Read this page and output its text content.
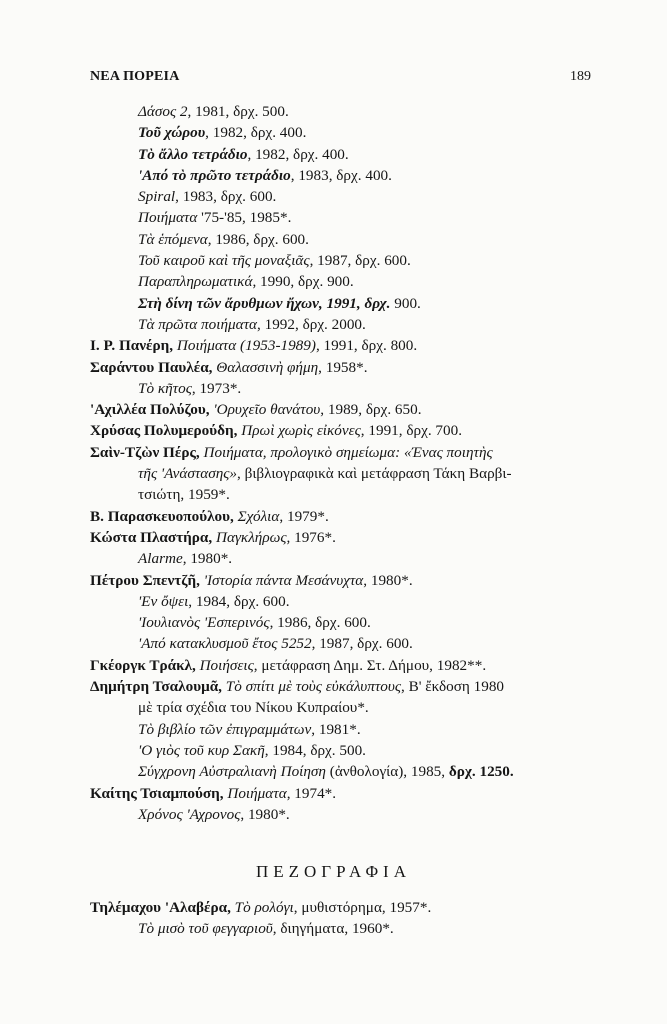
ΝΕΑ ΠΟΡΕΙΑ	189
Δάσος 2, 1981, δρχ. 500.
Τοῦ χώρου, 1982, δρχ. 400.
Τὸ ἄλλο τετράδιο, 1982, δρχ. 400.
'Από τὸ πρῶτο τετράδιο, 1983, δρχ. 400.
Spiral, 1983, δρχ. 600.
Ποιήματα '75-'85, 1985*.
Τὰ ἑπόμενα, 1986, δρχ. 600.
Τοῦ καιροῦ καὶ τῆς μοναξιᾶς, 1987, δρχ. 600.
Παραπληρωματικά, 1990, δρχ. 900.
Στὴ δίνη τῶν ἄρυθμων ἤχων, 1991, δρχ. 900.
Τὰ πρῶτα ποιήματα, 1992, δρχ. 2000.
I. P. Πανέρη, Ποιήματα (1953-1989), 1991, δρχ. 800.
Σαράντου Παυλέα, Θαλασσινὴ φήμη, 1958*.
Τὸ κῆτος, 1973*.
'Αχιλλέα Πολύζου, 'Ορυχεῖο θανάτου, 1989, δρχ. 650.
Χρύσας Πολυμερούδη, Πρωὶ χωρὶς εἰκόνες, 1991, δρχ. 700.
Σαὶν-Τζὼν Πέρς, Ποιήματα, προλογικὸ σημείωμα: «Ένας ποιητὴς
τῆς 'Ανάστασης», βιβλιογραφικὰ καὶ μετάφραση Τάκη Βαρβι-
τσιώτη, 1959*.
Β. Παρασκευοπούλου, Σχόλια, 1979*.
Κώστα Πλαστήρα, Παγκλήρως, 1976*.
Alarme, 1980*.
Πέτρου Σπεντζῆ, 'Ιστορία πάντα Μεσάνυχτα, 1980*.
'Εν ὄψει, 1984, δρχ. 600.
'Ιουλιανὸς 'Εσπερινός, 1986, δρχ. 600.
'Από κατακλυσμοῦ ἔτος 5252, 1987, δρχ. 600.
Γκέοργκ Τράκλ, Ποιήσεις, μετάφραση Δημ. Στ. Δήμου, 1982**.
Δημήτρη Τσαλουμᾶ, Τὸ σπίτι μὲ τοὺς εὐκάλυπτους, Β' ἔκδοση 1980
μὲ τρία σχέδια του Νίκου Κυπραίου*.
Τὸ βιβλίο τῶν ἐπιγραμμάτων, 1981*.
'Ο γιὸς τοῦ κυρ Σακῆ, 1984, δρχ. 500.
Σύγχρονη Αὐστραλιανὴ Ποίηση (ἀνθολογία), 1985, δρχ. 1250.
Καίτης Τσιαμπούση, Ποιήματα, 1974*.
Χρόνος 'Αχρονος, 1980*.
ΠΕΖΟΓΡΑΦΙΑ
Τηλέμαχου 'Αλαβέρα, Τὸ ρολόγι, μυθιστόρημα, 1957*.
Τὸ μισὸ τοῦ φεγγαριοῦ, διηγήματα, 1960*.
